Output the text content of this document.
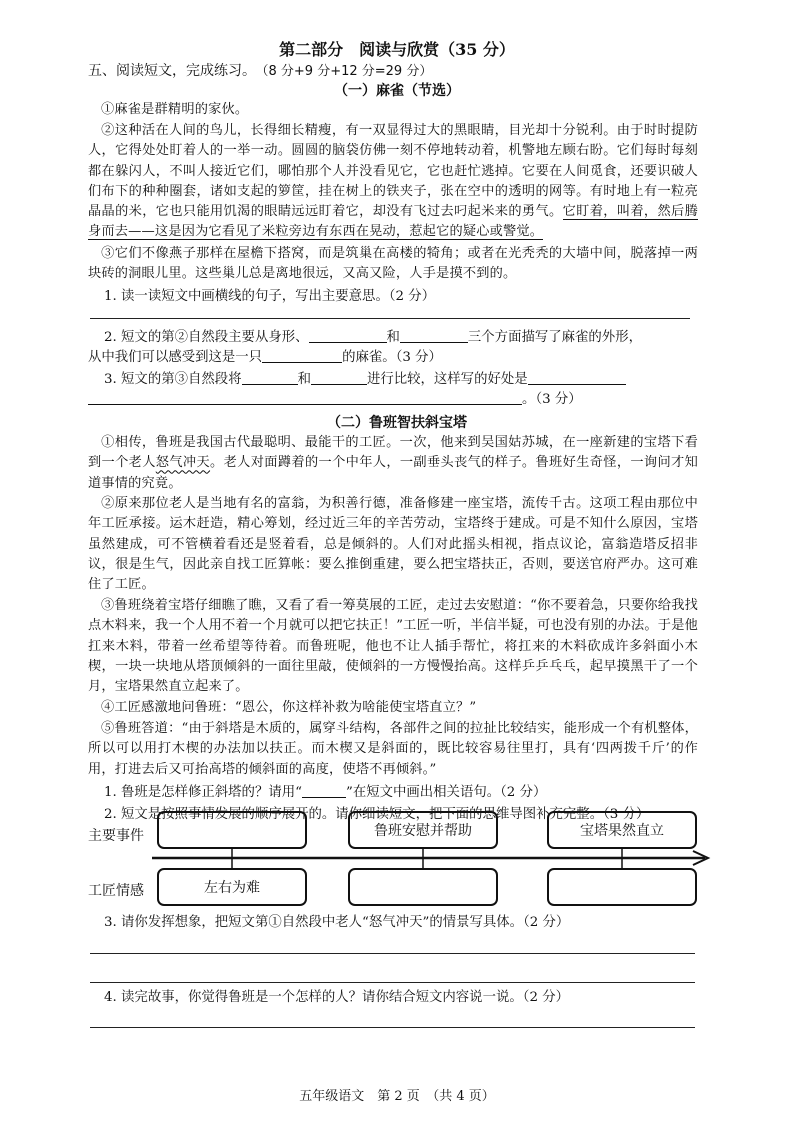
第二部分　阅读与欣赏（35 分）
五、阅读短文，完成练习。 （8 分+9 分+12 分=29 分）
（一）麻雀（节选）
①麻雀是群精明的家伙。
②这种活在人间的鸟儿，长得细长精瘦，有一双显得过大的黑眼睛，目光却十分锐利。由于时时提防人，它得处处盯着人的一举一动。圆圆的脑袋仿佛一刻不停地转动着，机警地左顾右盼。它们每时每刻都在躲闪人，不叫人接近它们，哪怕那个人并没看见它，它也赶忙逃掉。它要在人间觅食，还要识破人们布下的种种圈套，诸如支起的箩筐，挂在树上的铁夹子，张在空中的透明的网等。有时地上有一粒亮晶晶的米，它也只能用饥渴的眼睛远远盯着它，却没有飞过去叼起米来的勇气。它盯着，叫着，然后腾身而去——这是因为它看见了米粒旁边有东西在晃动，惹起它的疑心或警觉。
③它们不像燕子那样在屋檐下搭窝，而是筑巢在高楼的犄角；或者在光秃秃的大墙中间，脱落掉一两块砖的洞眼儿里。这些巢儿总是离地很远，又高又险，人手是摸不到的。
1. 读一读短文中画横线的句子，写出主要意思。（2 分）
2. 短文的第②自然段主要从身形、	和	三个方面描写了麻雀的外形，
从中我们可以感受到这是一只	的麻雀。（3 分）
3. 短文的第③自然段将	和	进行比较，这样写的好处是
。（3 分）
（二）鲁班智扶斜宝塔
①相传，鲁班是我国古代最聪明、最能干的工匠。一次，他来到吴国姑苏城，在一座新建的宝塔下看到一个老人怒气冲天。老人对面蹲着的一个中年人，一副垂头丧气的样子。鲁班好生奇怪，一询问才知道事情的究竟。
②原来那位老人是当地有名的富翁，为积善行德，准备修建一座宝塔，流传千古。这项工程由那位中年工匠承接。运木赶造，精心筹划，经过近三年的辛苦劳动，宝塔终于建成。可是不知什么原因，宝塔虽然建成，可不管横着看还是竖着看，总是倾斜的。人们对此摇头相视，指点议论，富翁造塔反招非议，很是生气，因此亲自找工匠算帐：要么推倒重建，要么把宝塔扶正，否则，要送官府严办。这可难住了工匠。
③鲁班绕着宝塔仔细瞧了瞧，又看了看一筹莫展的工匠，走过去安慰道：“你不要着急，只要你给我找点木料来，我一个人用不着一个月就可以把它扶正！”工匠一听，半信半疑，可也没有别的办法。于是他扛来木料，带着一丝希望等待着。而鲁班呢，他也不让人插手帮忙，将扛来的木料砍成许多斜面小木楔，一块一块地从塔顶倾斜的一面往里敲，使倾斜的一方慢慢抬高。这样乒乒乓乓，起早摸黑干了一个月，宝塔果然直立起来了。
④工匠感激地问鲁班：“恩公，你这样补救为啥能使宝塔直立？”
⑤鲁班答道：“由于斜塔是木质的，属穿斗结构，各部件之间的拉扯比较结实，能形成一个有机整体，所以可以用打木楔的办法加以扶正。而木楔又是斜面的，既比较容易往里打，具有‘四两拨千斤’的作用，打进去后又可抬高塔的倾斜面的高度，使塔不再倾斜。”
1. 鲁班是怎样修正斜塔的？请用“	”在短文中画出相关语句。（2 分）
2. 短文是按照事情发展的顺序展开的。请你细读短文，把下面的思维导图补充完整。（3 分）
主要事件
工匠情感
鲁班安慰并帮助	宝塔果然直立
左右为难
3. 请你发挥想象，把短文第①自然段中老人“怒气冲天”的情景写具体。（2 分）
4. 读完故事，你觉得鲁班是一个怎样的人？请你结合短文内容说一说。（2 分）
五年级语文　第 2 页　（共 4 页）
